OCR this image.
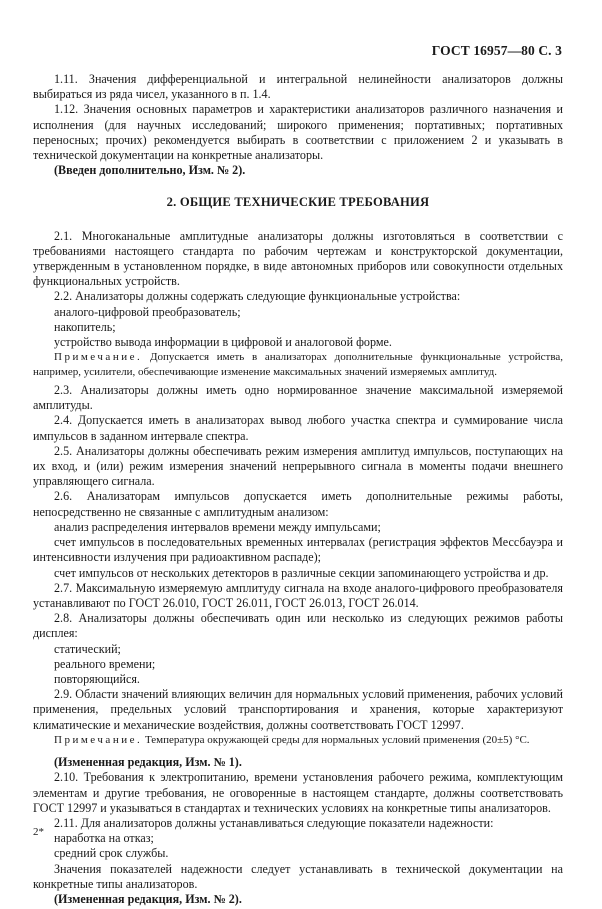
ГОСТ 16957—80 С. 3

1.11. Значения дифференциальной и интегральной нелинейности анализаторов должны выбираться из ряда чисел, указанного в п. 1.4.

1.12. Значения основных параметров и характеристики анализаторов различного назначения и исполнения (для научных исследований; широкого применения; портативных; портативных переносных; прочих) рекомендуется выбирать в соответствии с приложением 2 и указывать в технической документации на конкретные анализаторы.

(Введен дополнительно, Изм. № 2).

2. ОБЩИЕ ТЕХНИЧЕСКИЕ ТРЕБОВАНИЯ

2.1. Многоканальные амплитудные анализаторы должны изготовляться в соответствии с требованиями настоящего стандарта по рабочим чертежам и конструкторской документации, утвержденным в установленном порядке, в виде автономных приборов или совокупности отдельных функциональных устройств.

2.2. Анализаторы должны содержать следующие функциональные устройства:

аналого-цифровой преобразователь;

накопитель;

устройство вывода информации в цифровой и аналоговой форме.

Примечание. Допускается иметь в анализаторах дополнительные функциональные устройства, например, усилители, обеспечивающие изменение максимальных значений измеряемых амплитуд.

2.3. Анализаторы должны иметь одно нормированное значение максимальной измеряемой амплитуды.

2.4. Допускается иметь в анализаторах вывод любого участка спектра и суммирование числа импульсов в заданном интервале спектра.

2.5. Анализаторы должны обеспечивать режим измерения амплитуд импульсов, поступающих на их вход, и (или) режим измерения значений непрерывного сигнала в моменты подачи внешнего управляющего сигнала.

2.6. Анализаторам импульсов допускается иметь дополнительные режимы работы, непосредственно не связанные с амплитудным анализом:

анализ распределения интервалов времени между импульсами;

счет импульсов в последовательных временных интервалах (регистрация эффектов Мессбауэра и интенсивности излучения при радиоактивном распаде);

счет импульсов от нескольких детекторов в различные секции запоминающего устройства и др.

2.7. Максимальную измеряемую амплитуду сигнала на входе аналого-цифрового преобразователя устанавливают по ГОСТ 26.010, ГОСТ 26.011, ГОСТ 26.013, ГОСТ 26.014.

2.8. Анализаторы должны обеспечивать один или несколько из следующих режимов работы дисплея:

статический;

реального времени;

повторяющийся.

2.9. Области значений влияющих величин для нормальных условий применения, рабочих условий применения, предельных условий транспортирования и хранения, которые характеризуют климатические и механические воздействия, должны соответствовать ГОСТ 12997.

Примечание. Температура окружающей среды для нормальных условий применения (20±5) °С.

(Измененная редакция, Изм. № 1).

2.10. Требования к электропитанию, времени установления рабочего режима, комплектующим элементам и другие требования, не оговоренные в настоящем стандарте, должны соответствовать ГОСТ 12997 и указываться в стандартах и технических условиях на конкретные типы анализаторов.

2.11. Для анализаторов должны устанавливаться следующие показатели надежности:

наработка на отказ;

средний срок службы.

Значения показателей надежности следует устанавливать в технической документации на конкретные типы анализаторов.

(Измененная редакция, Изм. № 2).

2*
